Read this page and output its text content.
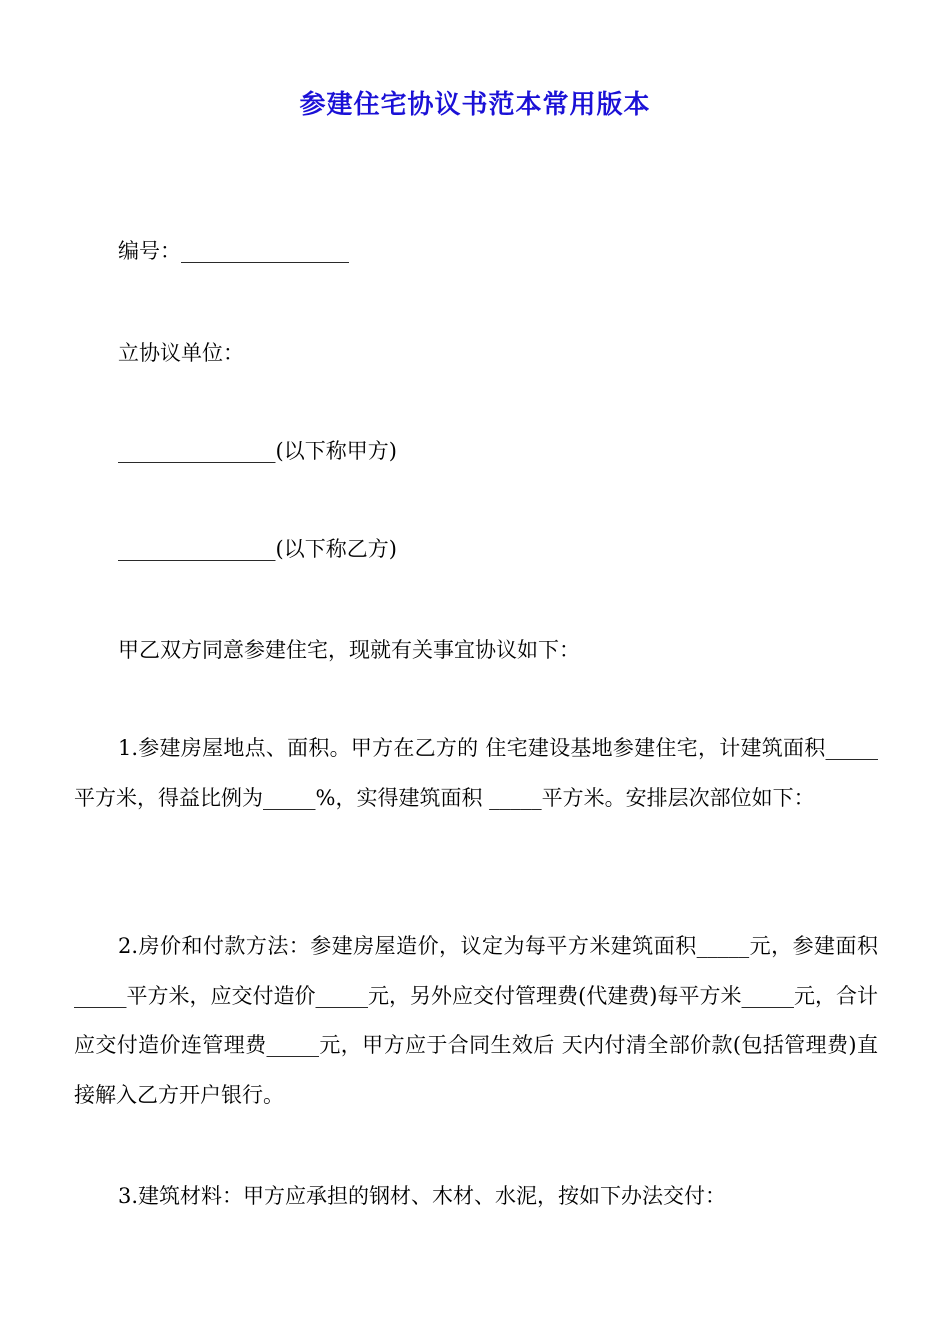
参建住宅协议书范本常用版本
编号：________________
立协议单位：
_______________(以下称甲方)
_______________(以下称乙方)
甲乙双方同意参建住宅，现就有关事宜协议如下：
1.参建房屋地点、面积。甲方在乙方的 住宅建设基地参建住宅，计建筑面积_____平方米，得益比例为_____%，实得建筑面积 _____平方米。安排层次部位如下：
2.房价和付款方法：参建房屋造价，议定为每平方米建筑面积_____元，参建面积 _____平方米，应交付造价_____元，另外应交付管理费(代建费)每平方米_____元，合计应交付造价连管理费_____元，甲方应于合同生效后 天内付清全部价款(包括管理费)直接解入乙方开户银行。
3.建筑材料：甲方应承担的钢材、木材、水泥，按如下办法交付：
